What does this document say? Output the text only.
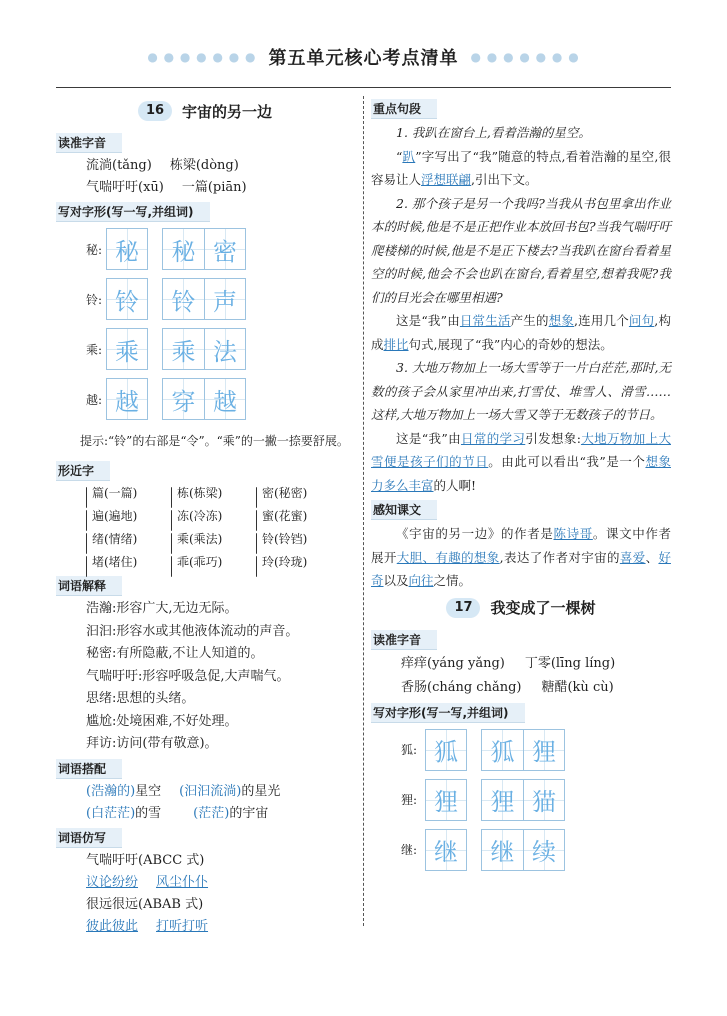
● ● ● ● ● ● ● 第五单元核心考点清单 ● ● ● ● ● ● ●
16	宇宙的另一边
读准字音
流淌(tǎng) 栋梁(dòng)
气喘吁吁(xū) 一篇(piān)
写对字形(写一写,并组词)
秘: 秘	秘 密
铃: 铃	铃 声
乘: 乘	乘 法
越: 越	穿 越
提示:“铃”的右部是“令”。“乘”的一撇一捺要舒展。
形近字
篇(一篇)	栋(栋梁)	密(秘密)
遍(遍地)	冻(冷冻)	蜜(花蜜)
绪(情绪)	乘(乘法)	铃(铃铛)
堵(堵住)	乖(乖巧)	玲(玲珑)
词语解释
浩瀚:形容广大,无边无际。
汩汩:形容水或其他液体流动的声音。
秘密:有所隐蔽,不让人知道的。
气喘吁吁:形容呼吸急促,大声喘气。
思绪:思想的头绪。
尴尬:处境困难,不好处理。
拜访:访问(带有敬意)。
词语搭配
(浩瀚的)星空 (汩汩流淌)的星光
(白茫茫)的雪 (茫茫)的宇宙
词语仿写
气喘吁吁(ABCC 式)
议论纷纷 风尘仆仆
很远很远(ABAB 式)
彼此彼此 打听打听
重点句段

1. 我趴在窗台上,看着浩瀚的星空。

“趴”字写出了“我”随意的特点,看着浩瀚的星空,很容易让人浮想联翩,引出下文。

2. 那个孩子是另一个我吗?当我从书包里拿出作业本的时候,他是不是正把作业本放回书包?当我气喘吁吁爬楼梯的时候,他是不是正下楼去?当我趴在窗台看着星空的时候,他会不会也趴在窗台,看着星空,想着我呢?我们的目光会在哪里相遇?

这是“我”由日常生活产生的想象,连用几个问句,构成排比句式,展现了“我”内心的奇妙的想法。

3. 大地万物加上一场大雪等于一片白茫茫,那时,无数的孩子会从家里冲出来,打雪仗、堆雪人、滑雪……这样,大地万物加上一场大雪又等于无数孩子的节日。

这是“我”由日常的学习引发想象:大地万物加上大雪便是孩子们的节日。由此可以看出“我”是一个想象力多么丰富的人啊!

感知课文

《宇宙的另一边》的作者是陈诗哥。课文中作者展开大胆、有趣的想象,表达了作者对宇宙的喜爱、好奇以及向往之情。

17	我变成了一棵树
读准字音
痒痒(yáng yǎng) 丁零(līng líng)
香肠(cháng chǎng) 糖醋(kù cù)
写对字形(写一写,并组词)
狐: 狐	狐 狸
狸: 狸	狸 猫
继: 继	继 续
